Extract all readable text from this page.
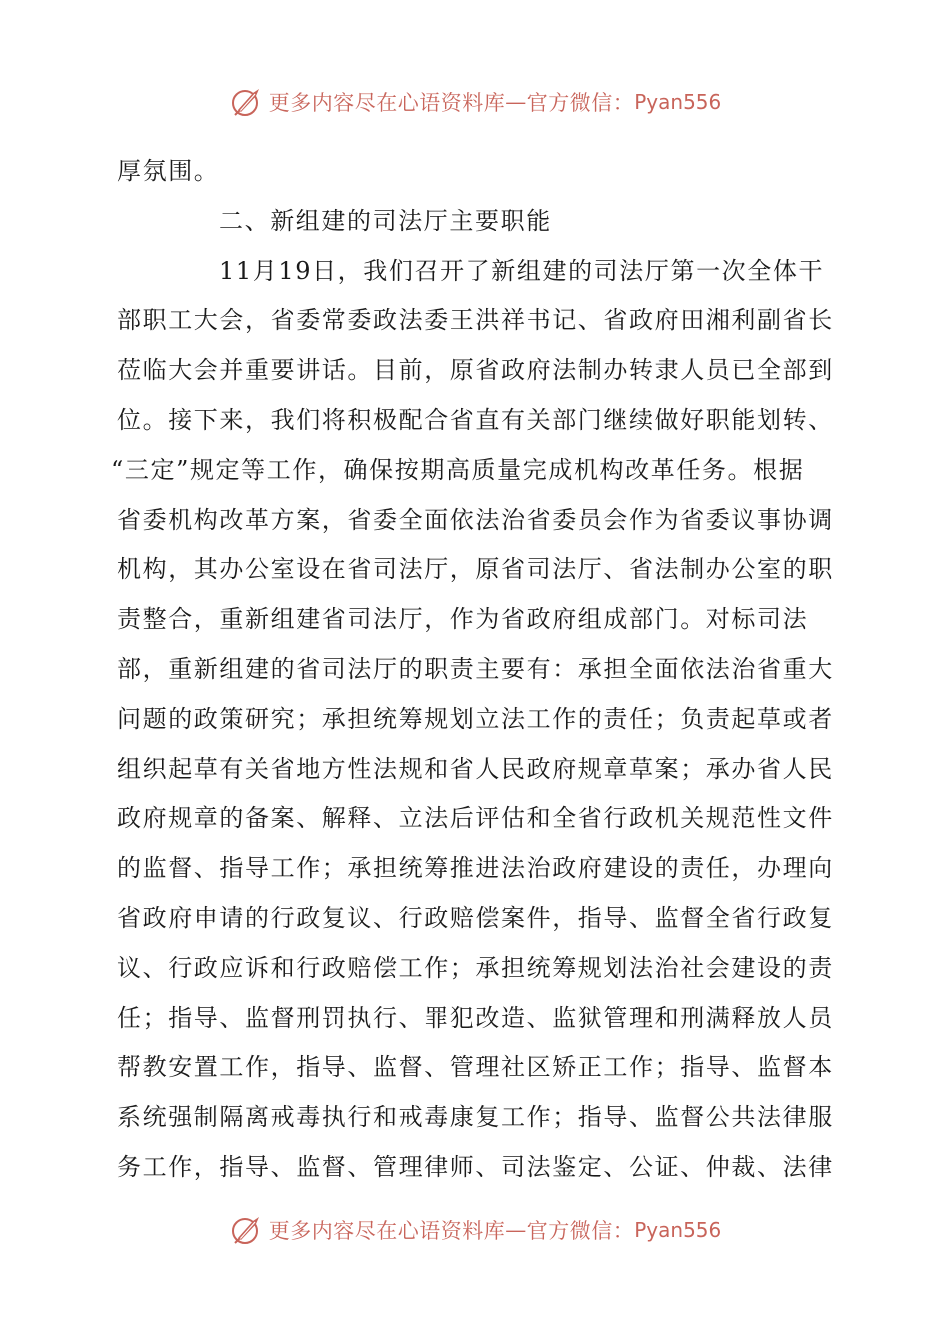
更多内容尽在心语资料库 — 官方微信： Pyan556
厚氛围。
二、新组建的司法厅主要职能
11月19日，我们召开了新组建的司法厅第一次全体干
部职工大会，省委常委政法委王洪祥书记、省政府田湘利副省长
莅临大会并重要讲话。目前，原省政府法制办转隶人员已全部到
位。接下来，我们将积极配合省直有关部门继续做好职能划转、
“三定”规定等工作，确保按期高质量完成机构改革任务。根据
省委机构改革方案，省委全面依法治省委员会作为省委议事协调
机构，其办公室设在省司法厅，原省司法厅、省法制办公室的职
责整合，重新组建省司法厅，作为省政府组成部门。对标司法
部，重新组建的省司法厅的职责主要有：承担全面依法治省重大
问题的政策研究；承担统筹规划立法工作的责任；负责起草或者
组织起草有关省地方性法规和省人民政府规章草案；承办省人民
政府规章的备案、解释、立法后评估和全省行政机关规范性文件
的监督、指导工作；承担统筹推进法治政府建设的责任，办理向
省政府申请的行政复议、行政赔偿案件，指导、监督全省行政复
议、行政应诉和行政赔偿工作；承担统筹规划法治社会建设的责
任；指导、监督刑罚执行、罪犯改造、监狱管理和刑满释放人员
帮教安置工作，指导、监督、管理社区矫正工作；指导、监督本
系统强制隔离戒毒执行和戒毒康复工作；指导、监督公共法律服
务工作，指导、监督、管理律师、司法鉴定、公证、仲裁、法律
更多内容尽在心语资料库 — 官方微信： Pyan556
